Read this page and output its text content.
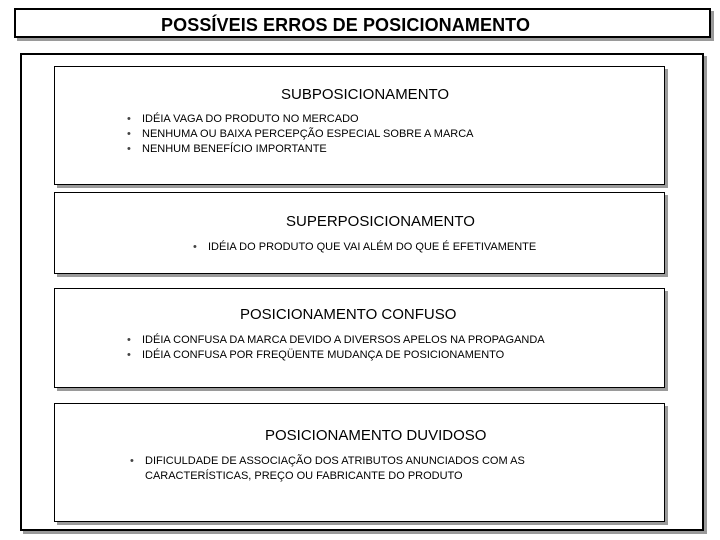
POSSÍVEIS ERROS DE POSICIONAMENTO
SUBPOSICIONAMENTO
• IDÉIA VAGA DO PRODUTO NO MERCADO
• NENHUMA OU BAIXA PERCEPÇÃO ESPECIAL SOBRE A MARCA
• NENHUM BENEFÍCIO IMPORTANTE
SUPERPOSICIONAMENTO
• IDÉIA DO PRODUTO QUE VAI ALÉM DO QUE É EFETIVAMENTE
POSICIONAMENTO CONFUSO
• IDÉIA CONFUSA DA MARCA DEVIDO A DIVERSOS APELOS NA PROPAGANDA
• IDÉIA CONFUSA POR FREQÜENTE MUDANÇA DE POSICIONAMENTO
POSICIONAMENTO DUVIDOSO
• DIFICULDADE DE ASSOCIAÇÃO DOS ATRIBUTOS ANUNCIADOS COM AS CARACTERÍSTICAS, PREÇO OU FABRICANTE DO PRODUTO
